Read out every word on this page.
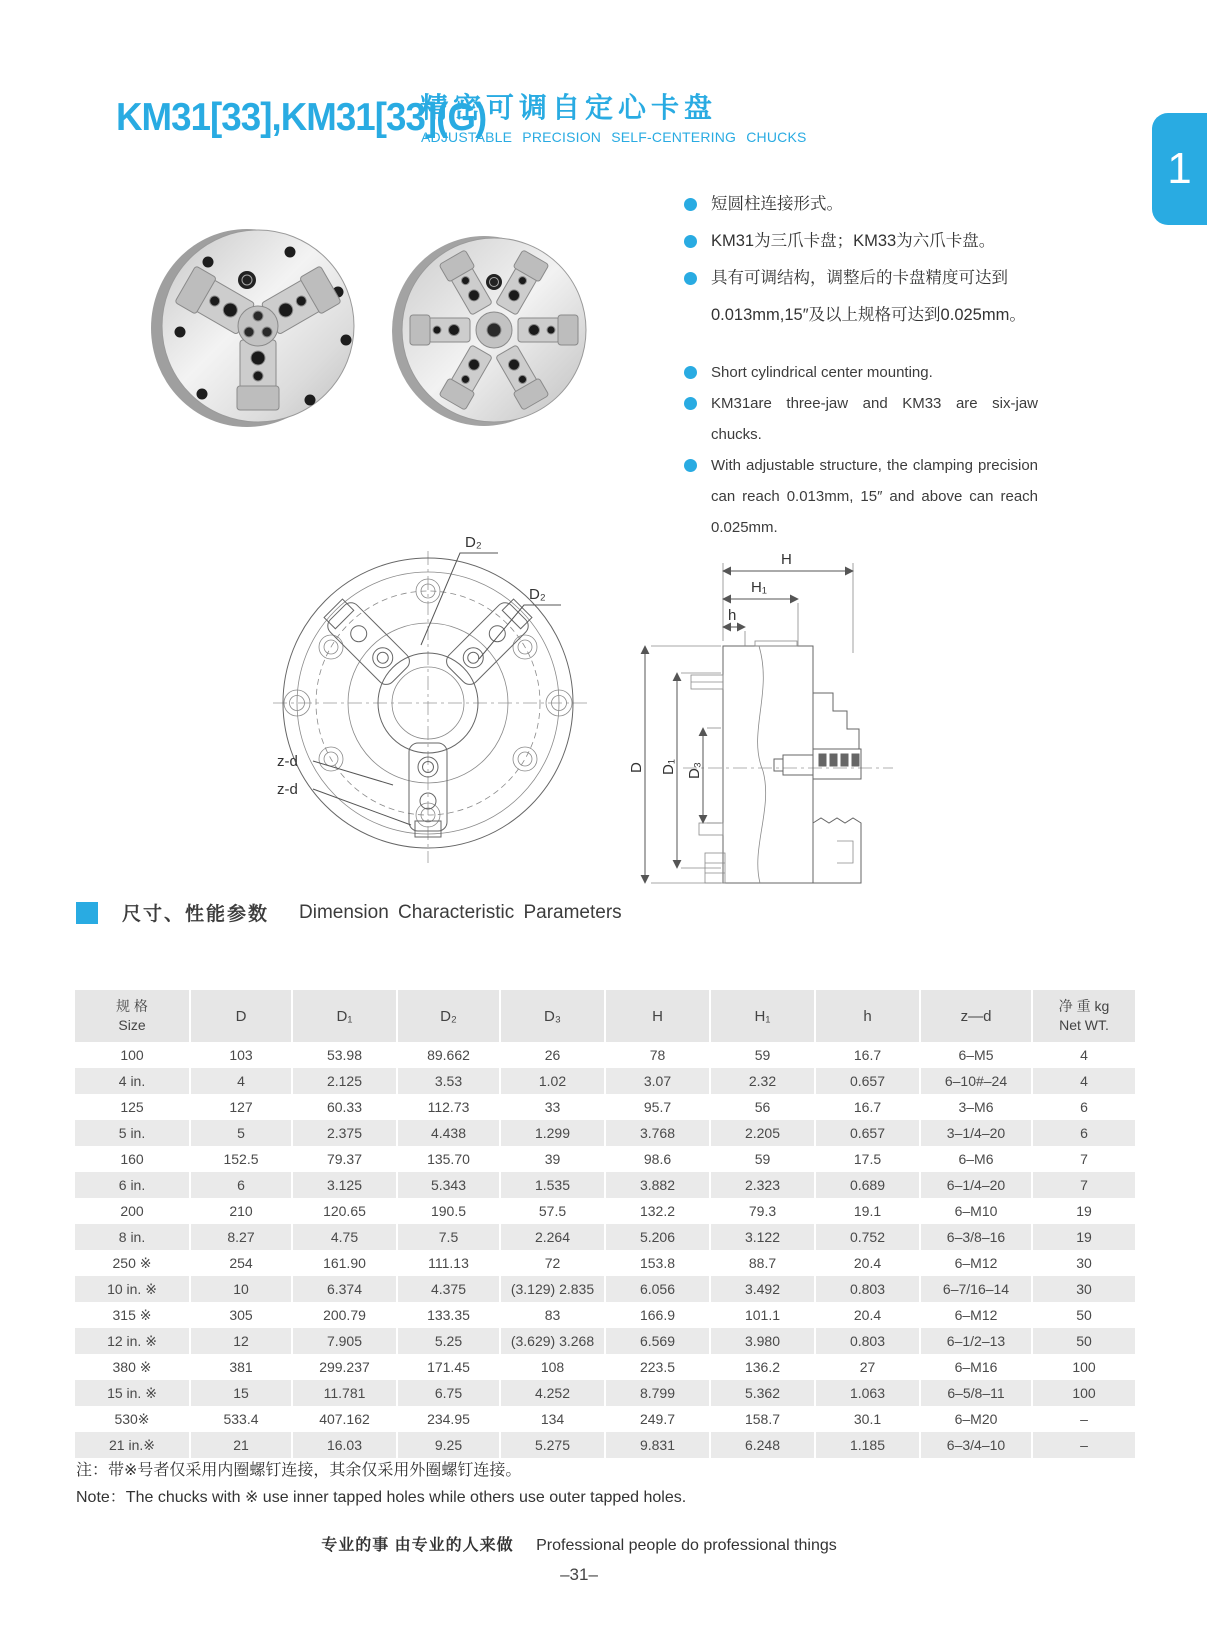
KM31[33],KM31[33](G)
精密可调自定心卡盘
ADJUSTABLE PRECISION SELF-CENTERING CHUCKS
1
短圆柱连接形式。
KM31为三爪卡盘；KM33为六爪卡盘。
具有可调结构，调整后的卡盘精度可达到0.013mm,15″及以上规格可达到0.025mm。
Short cylindrical center mounting.
KM31are three-jaw and KM33 are six-jaw chucks.
With adjustable structure, the clamping precision can reach 0.013mm, 15″ and above can reach 0.025mm.
D₂
D₂
z-d
z-d
H
H₁
h
D D₁ D₃
尺寸、性能参数 Dimension Characteristic Parameters
规 格
Size
	D	D₁	D₂	D₃	H	H₁	h	z—d	
净 重 kg
Net WT.

100	103	53.98	89.662	26	78	59	16.7	6–M5	4
4 in.	4	2.125	3.53	1.02	3.07	2.32	0.657	6–10#–24	4
125	127	60.33	112.73	33	95.7	56	16.7	3–M6	6
5 in.	5	2.375	4.438	1.299	3.768	2.205	0.657	3–1/4–20	6
160	152.5	79.37	135.70	39	98.6	59	17.5	6–M6	7
6 in.	6	3.125	5.343	1.535	3.882	2.323	0.689	6–1/4–20	7
200	210	120.65	190.5	57.5	132.2	79.3	19.1	6–M10	19
8 in.	8.27	4.75	7.5	2.264	5.206	3.122	0.752	6–3/8–16	19
250 ※	254	161.90	111.13	72	153.8	88.7	20.4	6–M12	30
10 in. ※	10	6.374	4.375	(3.129) 2.835	6.056	3.492	0.803	6–7/16–14	30
315 ※	305	200.79	133.35	83	166.9	101.1	20.4	6–M12	50
12 in. ※	12	7.905	5.25	(3.629) 3.268	6.569	3.980	0.803	6–1/2–13	50
380 ※	381	299.237	171.45	108	223.5	136.2	27	6–M16	100
15 in. ※	15	11.781	6.75	4.252	8.799	5.362	1.063	6–5/8–11	100
530※	533.4	407.162	234.95	134	249.7	158.7	30.1	6–M20	–
21 in.※	21	16.03	9.25	5.275	9.831	6.248	1.185	6–3/4–10	–
注：带※号者仅采用内圈螺钉连接，其余仅采用外圈螺钉连接。
Note：The chucks with ※ use inner tapped holes while others use outer tapped holes.
专业的事 由专业的人来做 Professional people do professional things
–31–
